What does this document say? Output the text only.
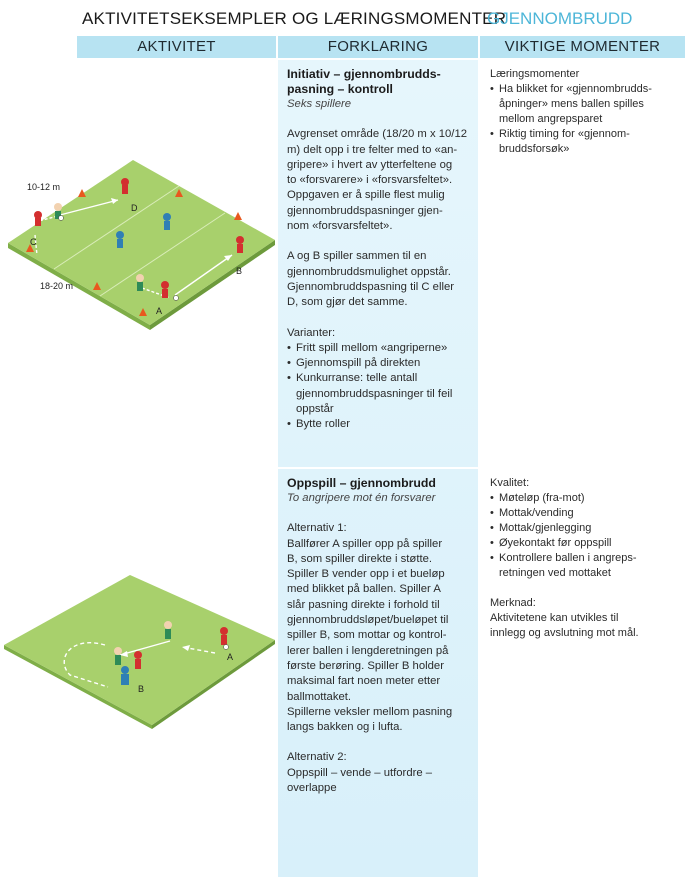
AKTIVITETSEKSEMPLER OG LÆRINGSMOMENTER
GJENNOMBRUDD
AKTIVITET	FORKLARING	VIKTIGE MOMENTER
10-12 m
18-20 m
A
B
C
D
Initiativ – gjennombrudds-
pasning – kontroll
Seks spillere

Avgrenset område (18/20 m x 10/12

m) delt opp i tre felter med to «an-

gripere» i hvert av ytterfeltene og

to «forsvarere» i «forsvarsfeltet».

Oppgaven er å spille flest mulig

gjennombruddspasninger gjen-

nom «forsvarsfeltet».

A og B spiller sammen til en

gjennombruddsmulighet oppstår.

Gjennombruddspasning til C eller

D, som gjør det samme.

Varianter:

• Fritt spill mellom «angriperne»
• Gjennomspill på direkten
• Kunkurranse: telle antall gjennombruddspasninger til feil oppstår
• Bytte roller

Læringsmomenter

• Ha blikket for «gjennombrudds-åpninger» mens ballen spilles mellom angrepsparet
• Riktig timing for «gjennom-bruddsforsøk»
A
B
Oppspill – gjennombrudd
To angripere mot én forsvarer

Alternativ 1:

Ballfører A spiller opp på spiller

B, som spiller direkte i støtte.

Spiller B vender opp i et bueløp

med blikket på ballen. Spiller A

slår pasning direkte i forhold til

gjennombruddsløpet/bueløpet til

spiller B, som mottar og kontrol-

lerer ballen i lengderetningen på

første berøring. Spiller B holder

maksimal fart noen meter etter

ballmottaket.

Spillerne veksler mellom pasning

langs bakken og i lufta.

Alternativ 2:

Oppspill – vende – utfordre –

overlappe

Kvalitet:

• Møteløp (fra-mot)
• Mottak/vending
• Mottak/gjenlegging
• Øyekontakt før oppspill
• Kontrollere ballen i angreps-retningen ved mottaket

Merknad:

Aktivitetene kan utvikles til

innlegg og avslutning mot mål.
